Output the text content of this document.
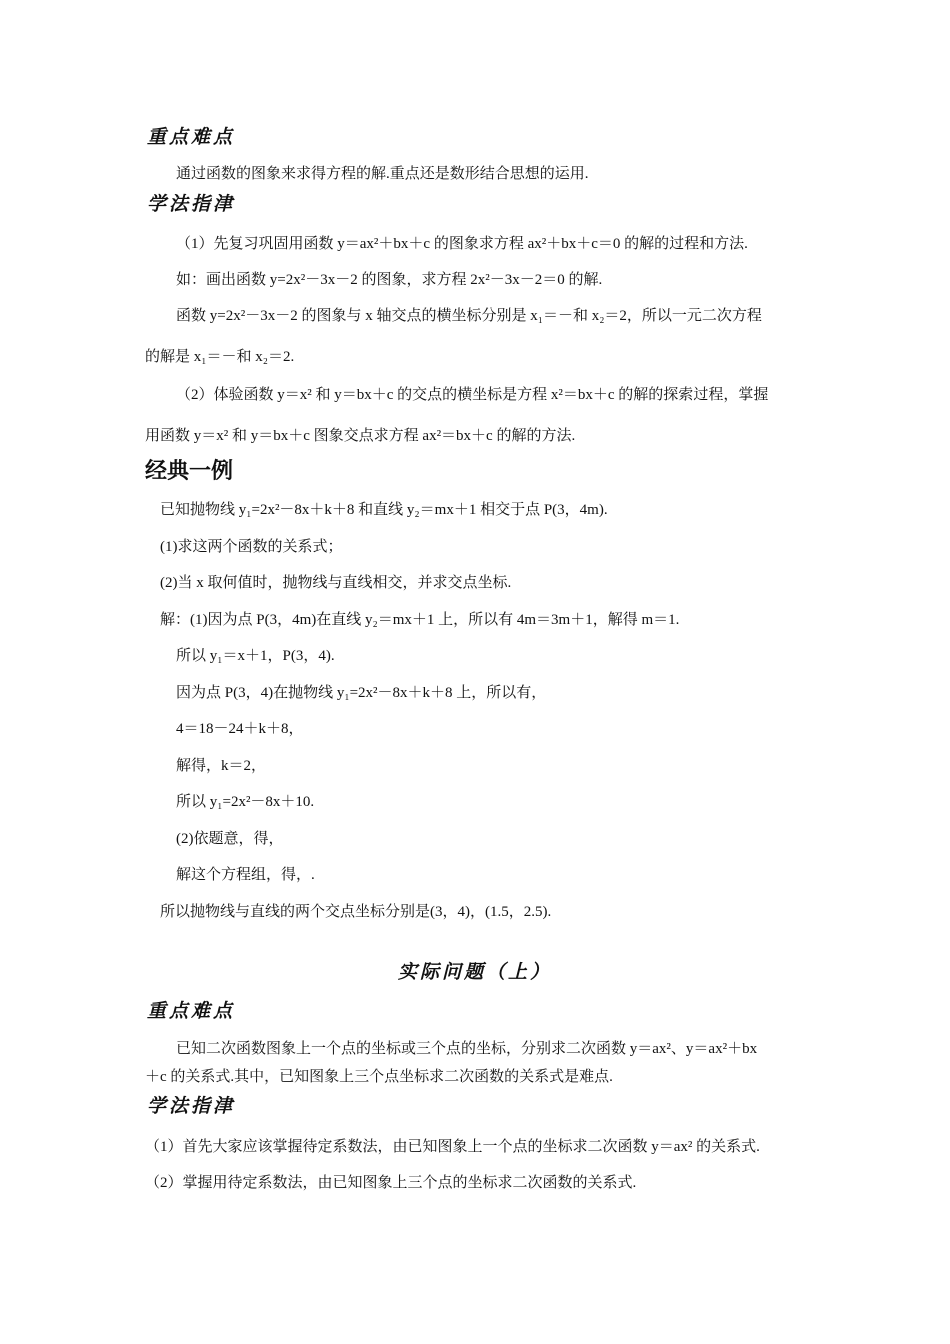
重点难点
通过函数的图象来求得方程的解.重点还是数形结合思想的运用.
学法指津
（1）先复习巩固用函数 y＝ax²＋bx＋c 的图象求方程 ax²＋bx＋c＝0 的解的过程和方法.
如：画出函数 y=2x²－3x－2 的图象，求方程 2x²－3x－2＝0 的解.
函数 y=2x²－3x－2 的图象与 x 轴交点的横坐标分别是 x₁＝－和 x₂＝2，所以一元二次方程
的解是 x₁＝－和 x₂＝2.
（2）体验函数 y＝x² 和 y＝bx＋c 的交点的横坐标是方程 x²＝bx＋c 的解的探索过程，掌握
用函数 y＝x² 和 y＝bx＋c 图象交点求方程 ax²＝bx＋c 的解的方法.
经典一例
已知抛物线 y₁=2x²－8x＋k＋8 和直线 y₂＝mx＋1 相交于点 P(3，4m).
(1)求这两个函数的关系式；
(2)当 x 取何值时，抛物线与直线相交，并求交点坐标.
解：(1)因为点 P(3，4m)在直线 y₂＝mx＋1 上，所以有 4m＝3m＋1，解得 m＝1.
所以 y₁＝x＋1，P(3，4).
因为点 P(3，4)在抛物线 y₁=2x²－8x＋k＋8 上，所以有，
4＝18－24＋k＋8，
解得，k＝2，
所以 y₁=2x²－8x＋10.
(2)依题意，得，
解这个方程组，得，.
所以抛物线与直线的两个交点坐标分别是(3，4)，(1.5，2.5).
实际问题（上）
重点难点
已知二次函数图象上一个点的坐标或三个点的坐标，分别求二次函数 y＝ax²、y＝ax²＋bx
＋c 的关系式.其中，已知图象上三个点坐标求二次函数的关系式是难点.
学法指津
（1）首先大家应该掌握待定系数法，由已知图象上一个点的坐标求二次函数 y＝ax² 的关系式.
（2）掌握用待定系数法，由已知图象上三个点的坐标求二次函数的关系式.
